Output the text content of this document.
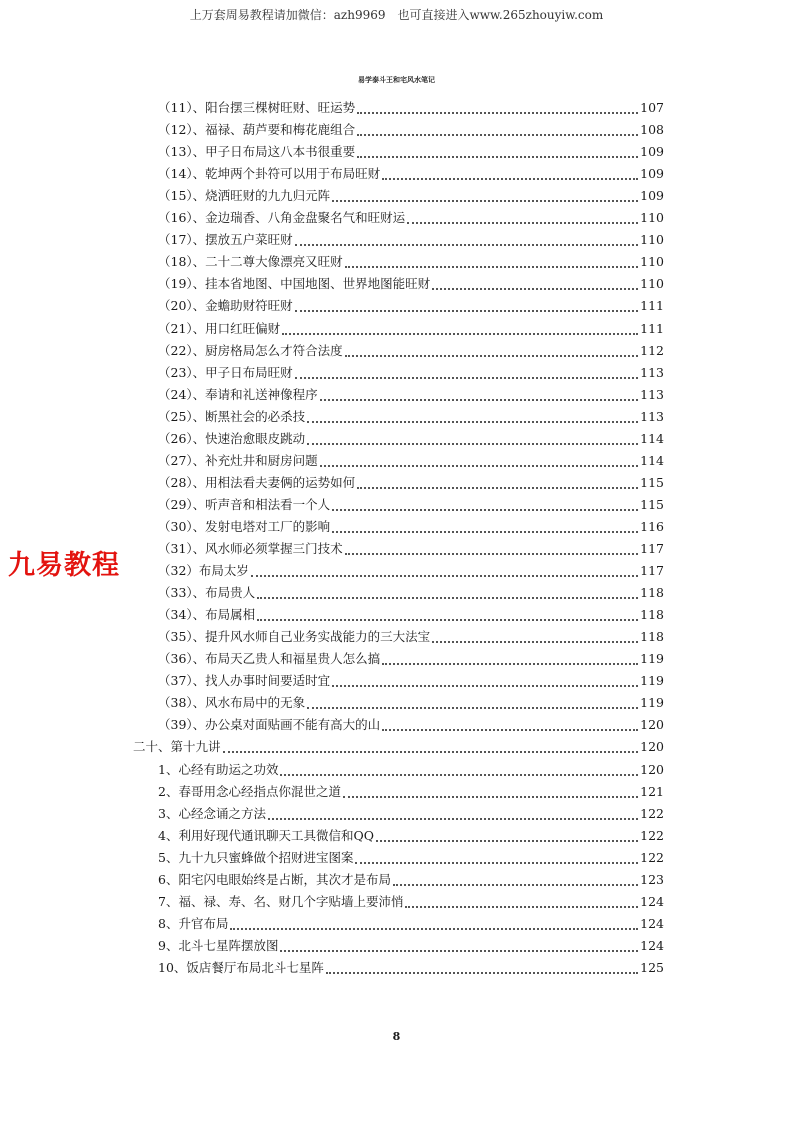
上万套周易教程请加微信：azh9969　也可直接进入www.265zhouyiw.com
易学泰斗王和宅风水笔记
九易教程
（11）、阳台摆三棵树旺财、旺运势	107
（12）、福禄、葫芦要和梅花鹿组合	108
（13）、甲子日布局这八本书很重要	109
（14）、乾坤两个卦符可以用于布局旺财	109
（15）、烧洒旺财的九九归元阵	109
（16）、金边瑞香、八角金盘聚名气和旺财运	110
（17）、摆放五户菜旺财	110
（18）、二十二尊大像漂亮又旺财	110
（19）、挂本省地图、中国地图、世界地图能旺财	110
（20）、金蟾助财符旺财	111
（21）、用口红旺偏财	111
（22）、厨房格局怎么才符合法度	112
（23）、甲子日布局旺财	113
（24）、奉请和礼送神像程序	113
（25）、断黑社会的必杀技	113
（26）、快速治愈眼皮跳动	114
（27）、补充灶井和厨房问题	114
（28）、用相法看夫妻俩的运势如何	115
（29）、听声音和相法看一个人	115
（30）、发射电塔对工厂的影响	116
（31）、风水师必须掌握三门技术	117
（32）布局太岁	117
（33）、布局贵人	118
（34）、布局属相	118
（35）、提升风水师自己业务实战能力的三大法宝	118
（36）、布局天乙贵人和福星贵人怎么搞	119
（37）、找人办事时间要适时宜	119
（38）、风水布局中的无象	119
（39）、办公桌对面贴画不能有高大的山	120
二十、第十九讲	120
1、心经有助运之功效	120
2、春哥用念心经指点你混世之道	121
3、心经念诵之方法	122
4、利用好现代通讯聊天工具微信和QQ	122
5、九十九只蜜蜂做个招财进宝图案	122
6、阳宅闪电眼始终是占断，其次才是布局	123
7、福、禄、寿、名、财几个字贴墙上要沛悄	124
8、升官布局	124
9、北斗七星阵摆放图	124
10、饭店餐厅布局北斗七星阵	125
8
